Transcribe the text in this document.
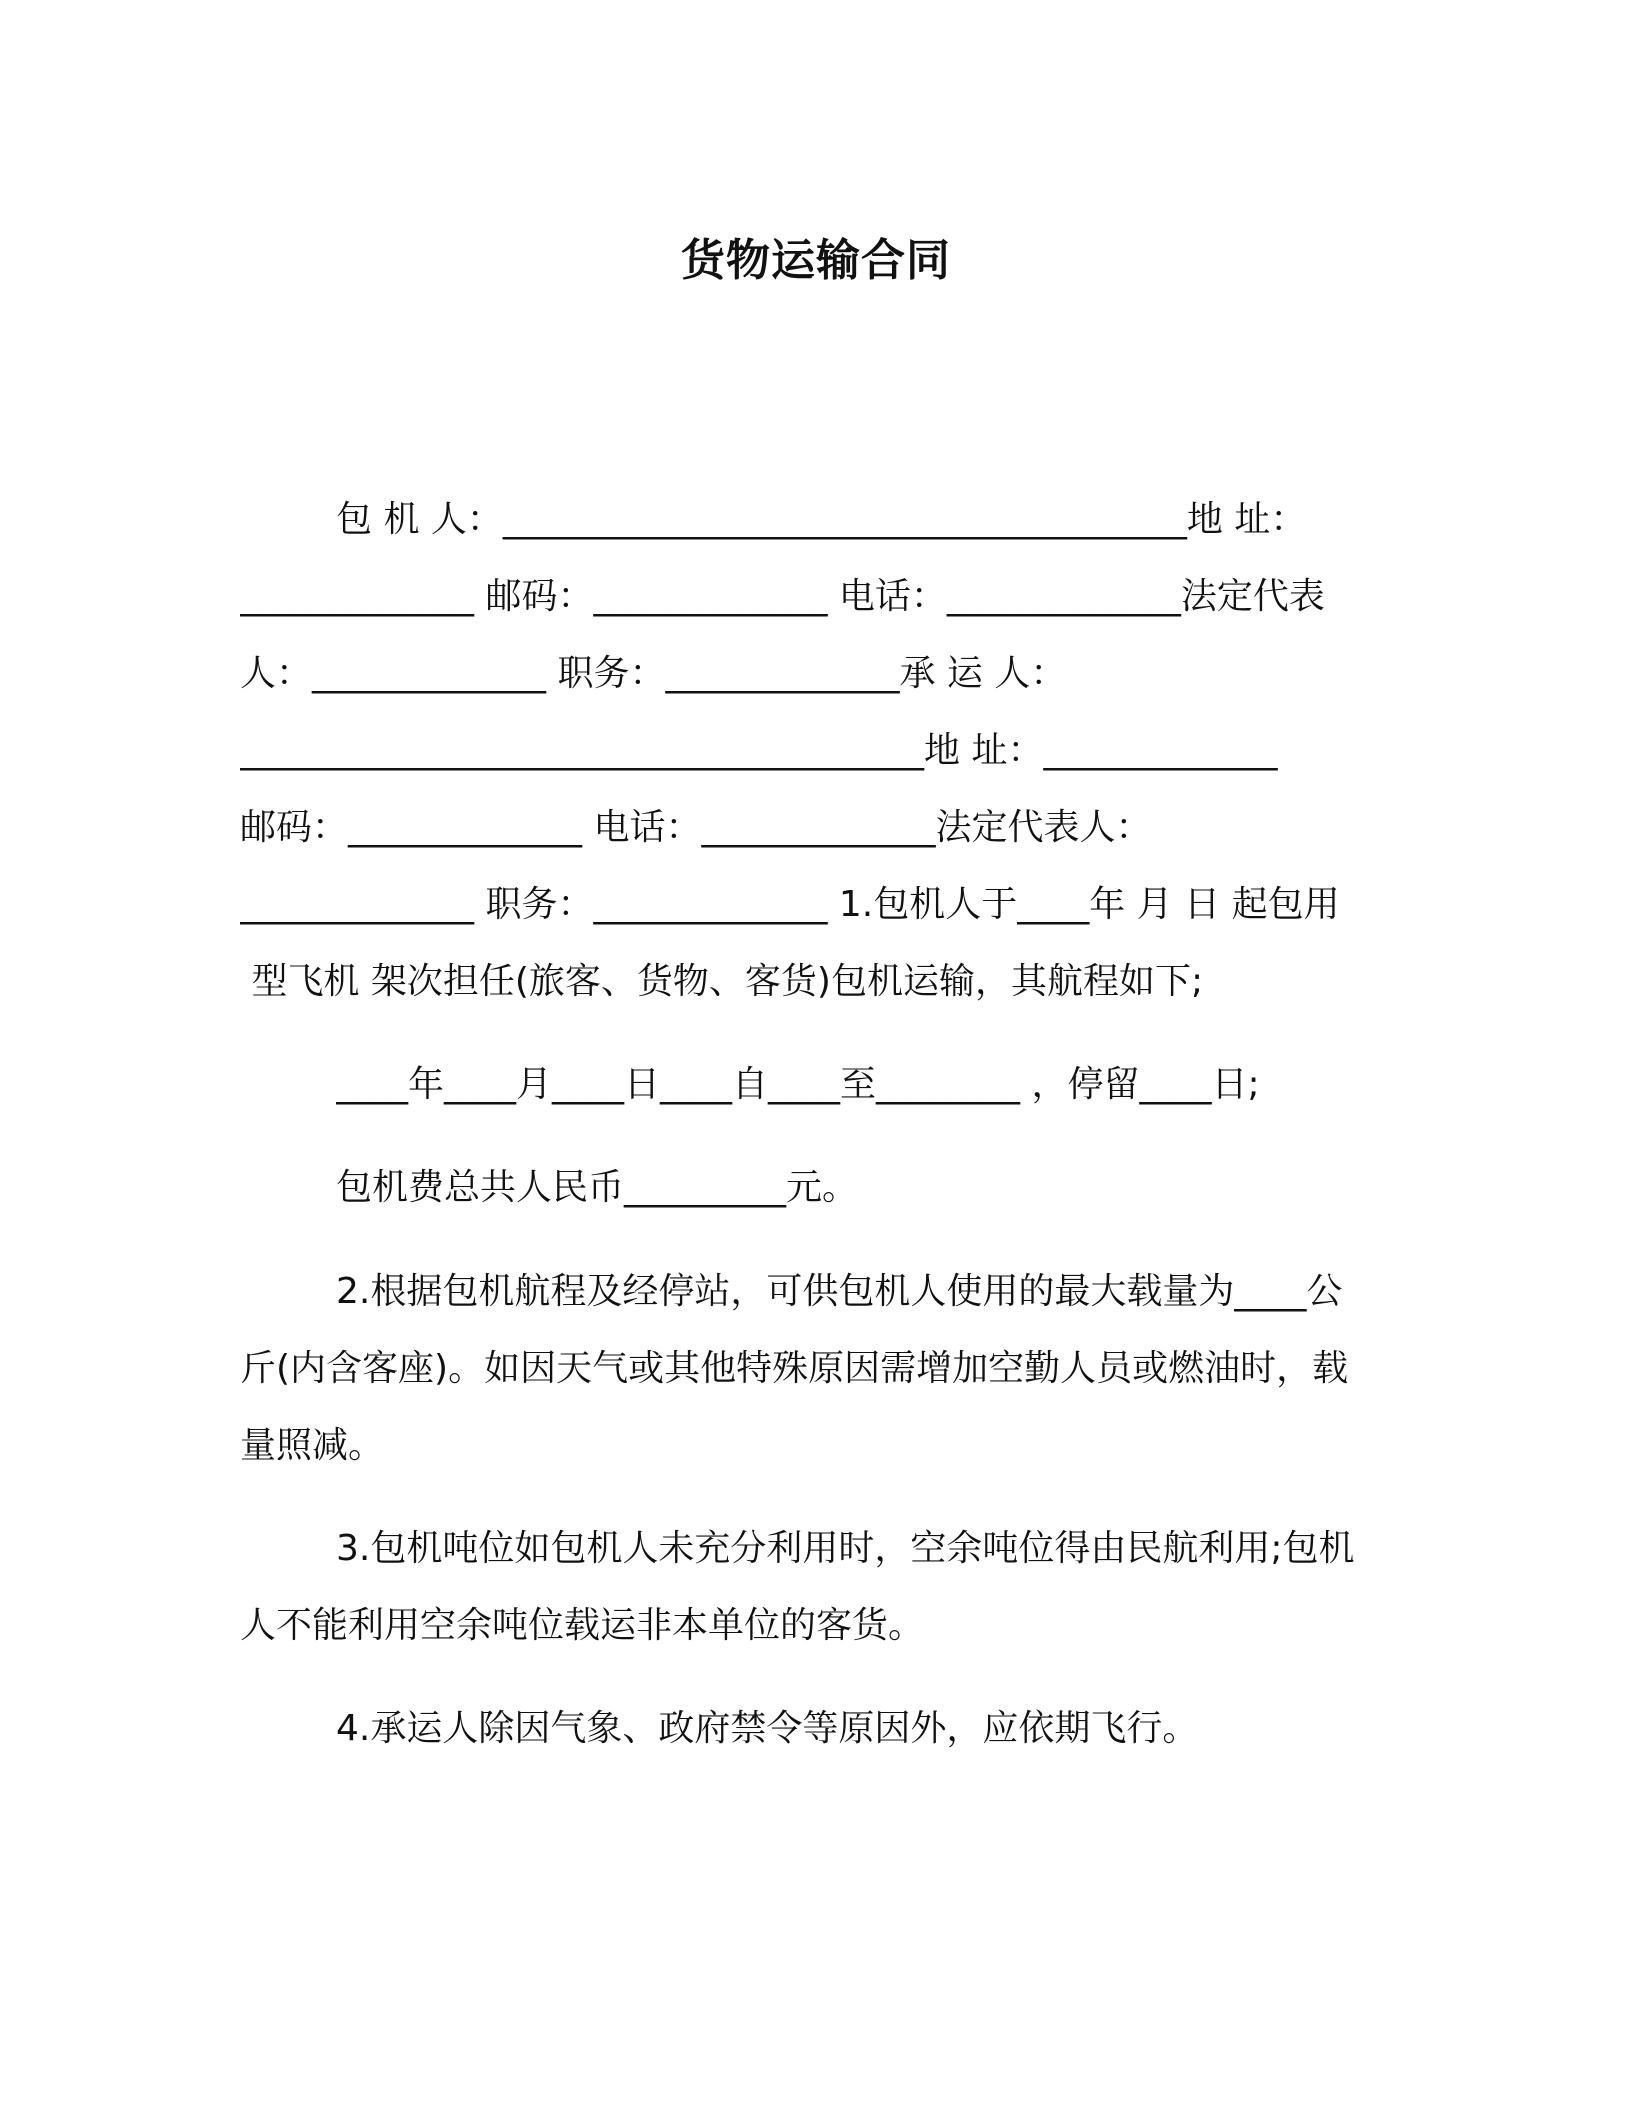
货物运输合同

包 机 人：______________________________________地 址：

_____________ 邮码：_____________ 电话：_____________法定代表

人：_____________ 职务：_____________承 运 人：

______________________________________地 址：_____________

邮码：_____________ 电话：_____________法定代表人：

_____________ 职务：_____________ 1.包机人于____年 月 日 起包用

型飞机 架次担任(旅客、货物、客货)包机运输，其航程如下;

____年____月____日____自____至________ ，停留____日;

包机费总共人民币_________元。

2.根据包机航程及经停站，可供包机人使用的最大载量为____公

斤(内含客座)。如因天气或其他特殊原因需增加空勤人员或燃油时，载

量照减。

3.包机吨位如包机人未充分利用时，空余吨位得由民航利用;包机

人不能利用空余吨位载运非本单位的客货。

4.承运人除因气象、政府禁令等原因外，应依期飞行。
